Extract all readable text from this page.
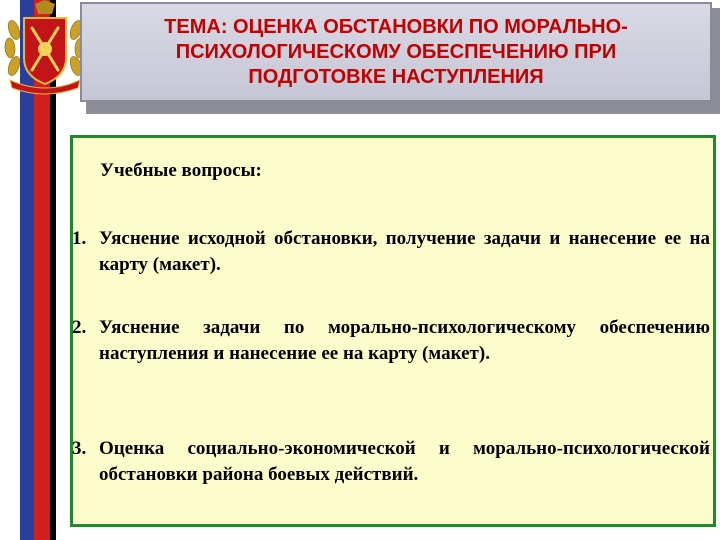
ТЕМА: ОЦЕНКА ОБСТАНОВКИ ПО МОРАЛЬНО-
ПСИХОЛОГИЧЕСКОМУ ОБЕСПЕЧЕНИЮ ПРИ
ПОДГОТОВКЕ НАСТУПЛЕНИЯ

Учебные вопросы:

1. Уяснение исходной обстановки, получение задачи и нанесение ее на карту (макет).
2. Уяснение задачи по морально-психологическому обеспечению наступления и нанесение ее на карту (макет).
3. Оценка социально-экономической и морально-психологической обстановки района боевых действий.
